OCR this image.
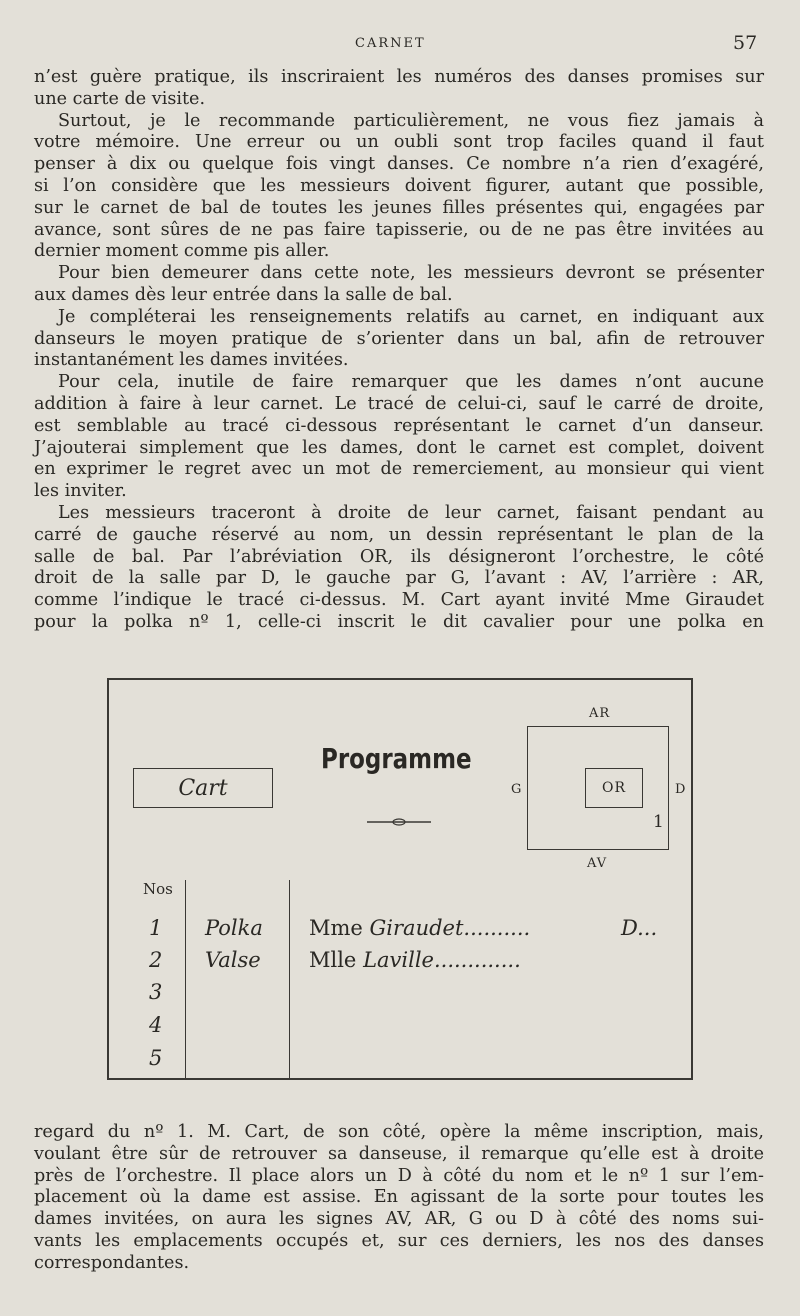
CARNET	57
n’est guère pratique, ils inscriraient les numéros des danses promises sur
une carte de visite.
Surtout, je le recommande particulièrement, ne vous fiez jamais à
votre mémoire. Une erreur ou un oubli sont trop faciles quand il faut
penser à dix ou quelque fois vingt danses. Ce nombre n’a rien d’exagéré,
si l’on considère que les messieurs doivent figurer, autant que possible,
sur le carnet de bal de toutes les jeunes filles présentes qui, engagées par
avance, sont sûres de ne pas faire tapisserie, ou de ne pas être invitées au
dernier moment comme pis aller.
Pour bien demeurer dans cette note, les messieurs devront se présenter
aux dames dès leur entrée dans la salle de bal.
Je compléterai les renseignements relatifs au carnet, en indiquant aux
danseurs le moyen pratique de s’orienter dans un bal, afin de retrouver
instantanément les dames invitées.
Pour cela, inutile de faire remarquer que les dames n’ont aucune
addition à faire à leur carnet. Le tracé de celui-ci, sauf le carré de droite,
est semblable au tracé ci-dessous représentant le carnet d’un danseur.
J’ajouterai simplement que les dames, dont le carnet est complet, doivent
en exprimer le regret avec un mot de remerciement, au monsieur qui vient
les inviter.
Les messieurs traceront à droite de leur carnet, faisant pendant au
carré de gauche réservé au nom, un dessin représentant le plan de la
salle de bal. Par l’abréviation OR, ils désigneront l’orchestre, le côté
droit de la salle par D, le gauche par G, l’avant : AV, l’arrière : AR,
comme l’indique le tracé ci-dessus. M. Cart ayant invité Mme Giraudet
pour la polka nº 1, celle-ci inscrit le dit cavalier pour une polka en
Cart
Programme
OR
AR
AV
G	D
1
Nos
1 Polka Mme Giraudet..........	D...
2 Valse Mlle Laville.............
3
4
5
regard du nº 1. M. Cart, de son côté, opère la même inscription, mais,
voulant être sûr de retrouver sa danseuse, il remarque qu’elle est à droite
près de l’orchestre. Il place alors un D à côté du nom et le nº 1 sur l’em-
placement où la dame est assise. En agissant de la sorte pour toutes les
dames invitées, on aura les signes AV, AR, G ou D à côté des noms sui-
vants les emplacements occupés et, sur ces derniers, les nos des danses
correspondantes.
